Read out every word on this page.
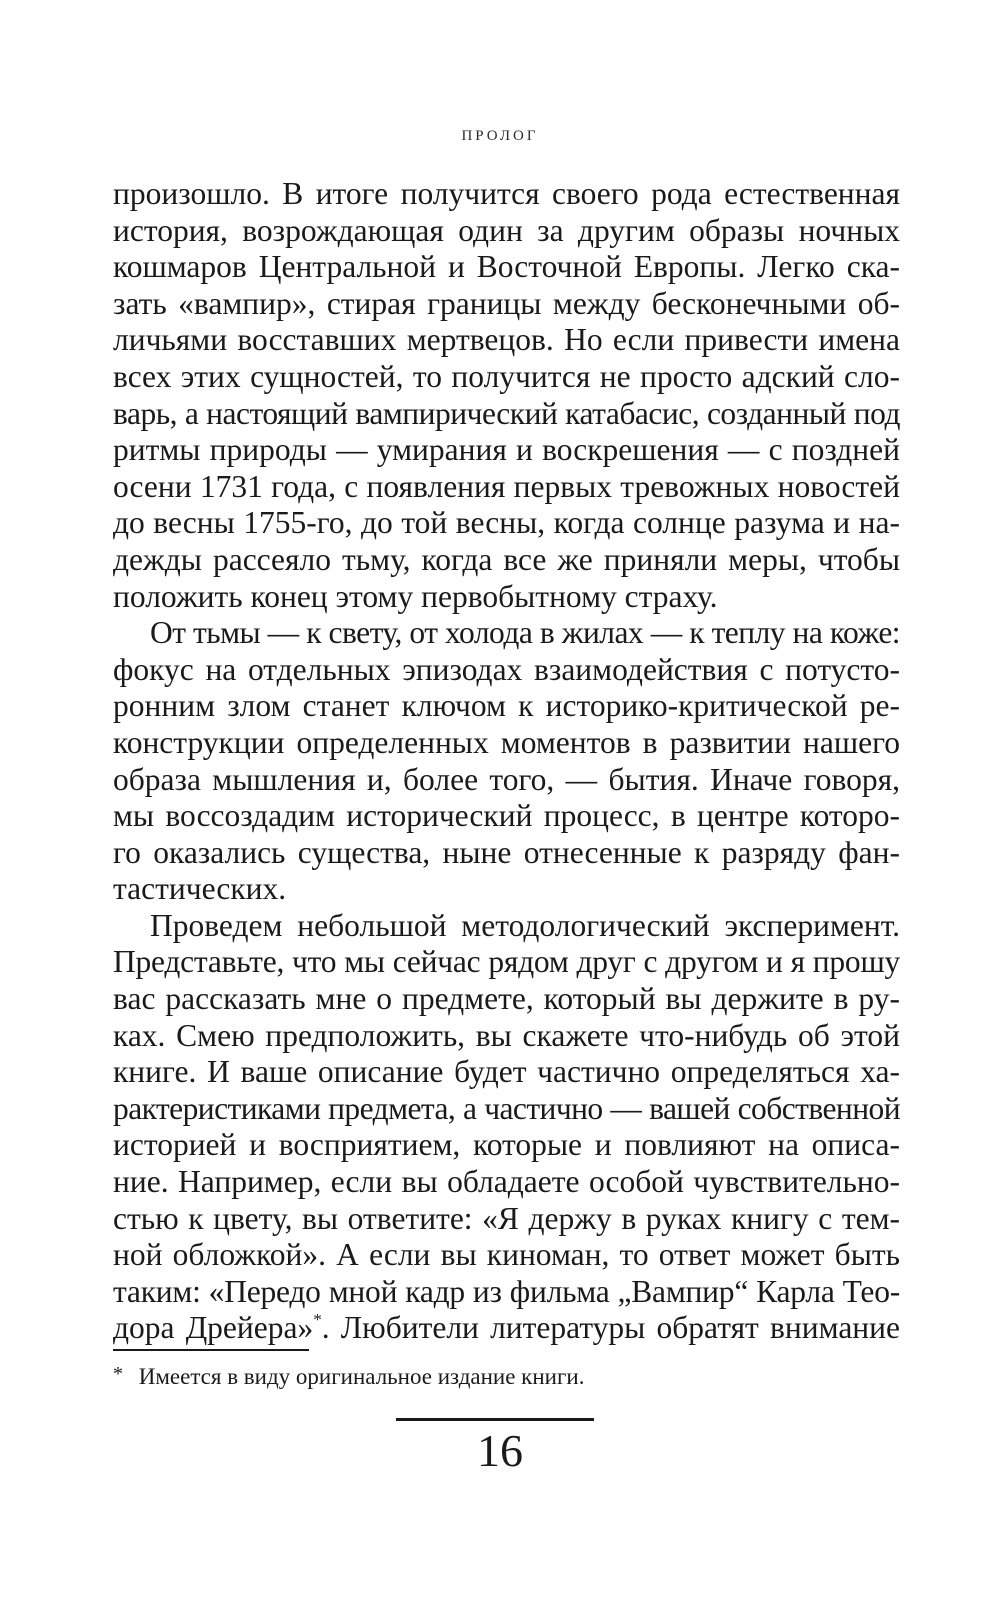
ПРОЛОГ
произошло. В итоге получится своего рода естественная
история, возрождающая один за другим образы ночных
кошмаров Центральной и Восточной Европы. Легко ска-
зать «вампир», стирая границы между бесконечными об-
личьями восставших мертвецов. Но если привести имена
всех этих сущностей, то получится не просто адский сло-
варь, а настоящий вампирический катабасис, созданный под
ритмы природы — умирания и воскрешения — с поздней
осени 1731 года, с появления первых тревожных новостей
до весны 1755-го, до той весны, когда солнце разума и на-
дежды рассеяло тьму, когда все же приняли меры, чтобы
положить конец этому первобытному страху.
От тьмы — к свету, от холода в жилах — к теплу на коже:
фокус на отдельных эпизодах взаимодействия с потусто-
ронним злом станет ключом к историко-критической ре-
конструкции определенных моментов в развитии нашего
образа мышления и, более того, — бытия. Иначе говоря,
мы воссоздадим исторический процесс, в центре которо-
го оказались существа, ныне отнесенные к разряду фан-
тастических.
Проведем небольшой методологический эксперимент.
Представьте, что мы сейчас рядом друг с другом и я прошу
вас рассказать мне о предмете, который вы держите в ру-
ках. Смею предположить, вы скажете что-нибудь об этой
книге. И ваше описание будет частично определяться ха-
рактеристиками предмета, а частично — вашей собственной
историей и восприятием, которые и повлияют на описа-
ние. Например, если вы обладаете особой чувствительно-
стью к цвету, вы ответите: «Я держу в руках книгу с тем-
ной обложкой». А если вы киноман, то ответ может быть
таким: «Передо мной кадр из фильма „Вампир“ Карла Тео-
дора Дрейера»*. Любители литературы обратят внимание
* Имеется в виду оригинальное издание книги.
16
